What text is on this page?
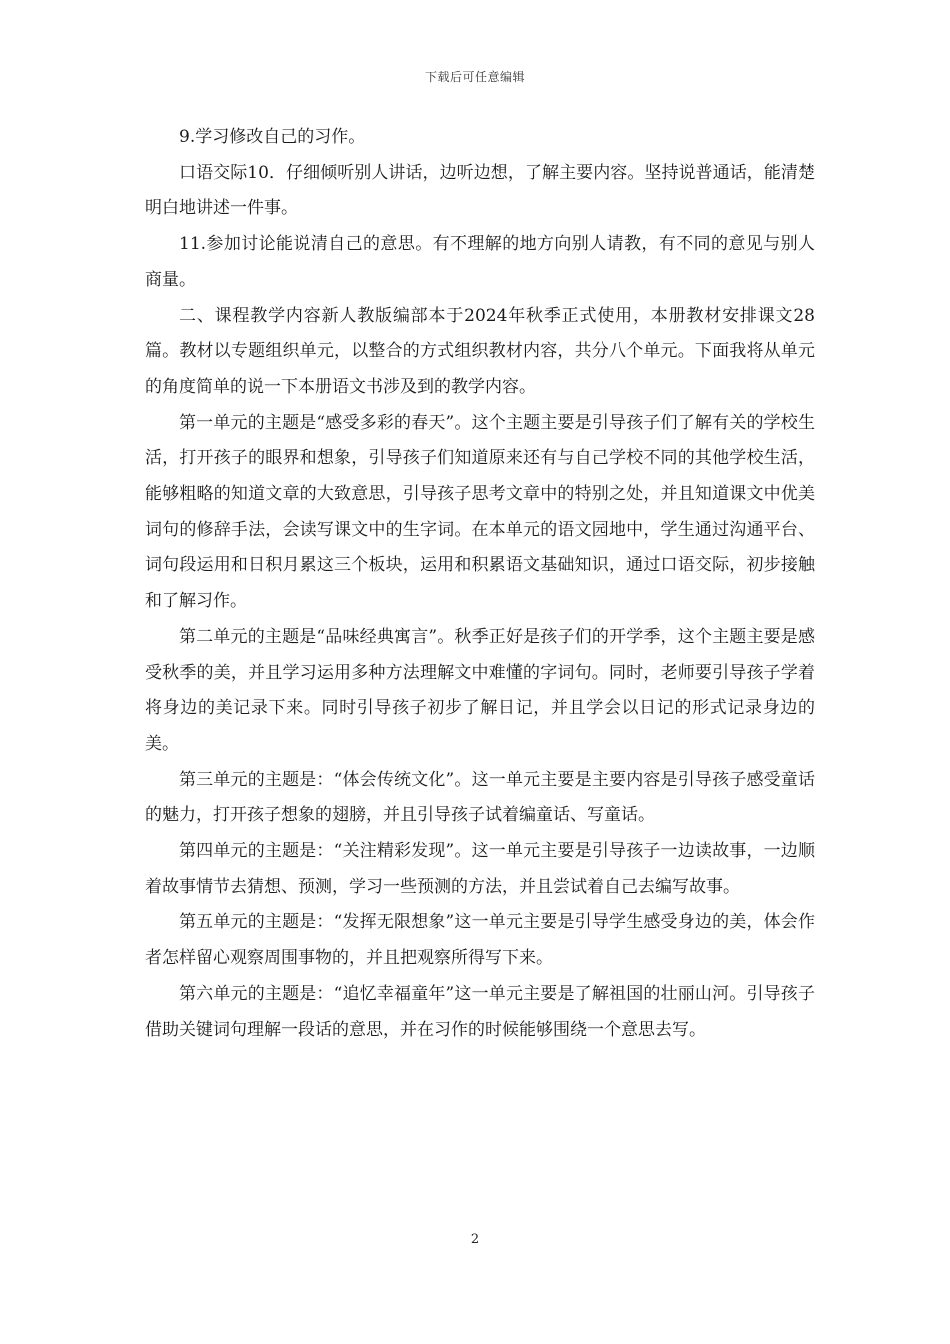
下载后可任意编辑

9.学习修改自己的习作。

口语交际10．仔细倾听别人讲话，边听边想，了解主要内容。坚持说普通话，能清楚明白地讲述一件事。

11.参加讨论能说清自己的意思。有不理解的地方向别人请教，有不同的意见与别人商量。

二、课程教学内容新人教版编部本于2024年秋季正式使用，本册教材安排课文28篇。教材以专题组织单元，以整合的方式组织教材内容，共分八个单元。下面我将从单元的角度简单的说一下本册语文书涉及到的教学内容。

第一单元的主题是“感受多彩的春天”。这个主题主要是引导孩子们了解有关的学校生活，打开孩子的眼界和想象，引导孩子们知道原来还有与自己学校不同的其他学校生活，能够粗略的知道文章的大致意思，引导孩子思考文章中的特别之处，并且知道课文中优美词句的修辞手法，会读写课文中的生字词。在本单元的语文园地中，学生通过沟通平台、词句段运用和日积月累这三个板块，运用和积累语文基础知识，通过口语交际，初步接触和了解习作。

第二单元的主题是“品味经典寓言”。秋季正好是孩子们的开学季，这个主题主要是感受秋季的美，并且学习运用多种方法理解文中难懂的字词句。同时，老师要引导孩子学着将身边的美记录下来。同时引导孩子初步了解日记，并且学会以日记的形式记录身边的美。

第三单元的主题是：“体会传统文化”。这一单元主要是主要内容是引导孩子感受童话的魅力，打开孩子想象的翅膀，并且引导孩子试着编童话、写童话。

第四单元的主题是：“关注精彩发现”。这一单元主要是引导孩子一边读故事，一边顺着故事情节去猜想、预测，学习一些预测的方法，并且尝试着自己去编写故事。

第五单元的主题是：“发挥无限想象”这一单元主要是引导学生感受身边的美，体会作者怎样留心观察周围事物的，并且把观察所得写下来。

第六单元的主题是：“追忆幸福童年”这一单元主要是了解祖国的壮丽山河。引导孩子借助关键词句理解一段话的意思，并在习作的时候能够围绕一个意思去写。

2
